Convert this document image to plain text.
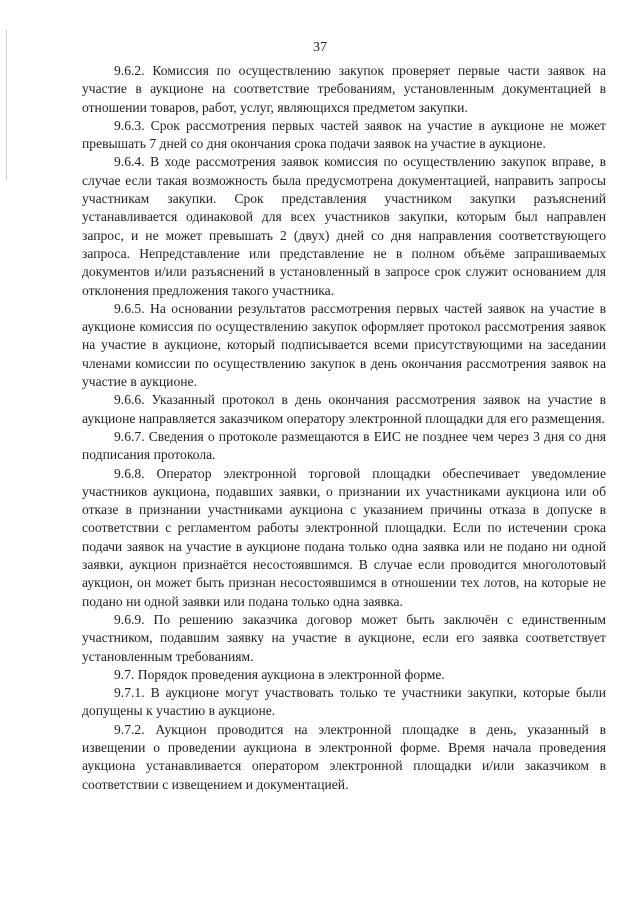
37

9.6.2. Комиссия по осуществлению закупок проверяет первые части заявок на участие в аукционе на соответствие требованиям, установленным документацией в отношении товаров, работ, услуг, являющихся предметом закупки.

9.6.3. Срок рассмотрения первых частей заявок на участие в аукционе не может превышать 7 дней со дня окончания срока подачи заявок на участие в аукционе.

9.6.4. В ходе рассмотрения заявок комиссия по осуществлению закупок вправе, в случае если такая возможность была предусмотрена документацией, направить запросы участникам закупки. Срок представления участником закупки разъяснений устанавливается одинаковой для всех участников закупки, которым был направлен запрос, и не может превышать 2 (двух) дней со дня направления соответствующего запроса. Непредставление или представление не в полном объёме запрашиваемых документов и/или разъяснений в установленный в запросе срок служит основанием для отклонения предложения такого участника.

9.6.5. На основании результатов рассмотрения первых частей заявок на участие в аукционе комиссия по осуществлению закупок оформляет протокол рассмотрения заявок на участие в аукционе, который подписывается всеми присутствующими на заседании членами комиссии по осуществлению закупок в день окончания рассмотрения заявок на участие в аукционе.

9.6.6. Указанный протокол в день окончания рассмотрения заявок на участие в аукционе направляется заказчиком оператору электронной площадки для его размещения.

9.6.7. Сведения о протоколе размещаются в ЕИС не позднее чем через 3 дня со дня подписания протокола.

9.6.8. Оператор электронной торговой площадки обеспечивает уведомление участников аукциона, подавших заявки, о признании их участниками аукциона или об отказе в признании участниками аукциона с указанием причины отказа в допуске в соответствии с регламентом работы электронной площадки. Если по истечении срока подачи заявок на участие в аукционе подана только одна заявка или не подано ни одной заявки, аукцион признаётся несостоявшимся. В случае если проводится многолотовый аукцион, он может быть признан несостоявшимся в отношении тех лотов, на которые не подано ни одной заявки или подана только одна заявка.

9.6.9. По решению заказчика договор может быть заключён с единственным участником, подавшим заявку на участие в аукционе, если его заявка соответствует установленным требованиям.

9.7. Порядок проведения аукциона в электронной форме.

9.7.1. В аукционе могут участвовать только те участники закупки, которые были допущены к участию в аукционе.

9.7.2. Аукцион проводится на электронной площадке в день, указанный в извещении о проведении аукциона в электронной форме. Время начала проведения аукциона устанавливается оператором электронной площадки и/или заказчиком в соответствии с извещением и документацией.
